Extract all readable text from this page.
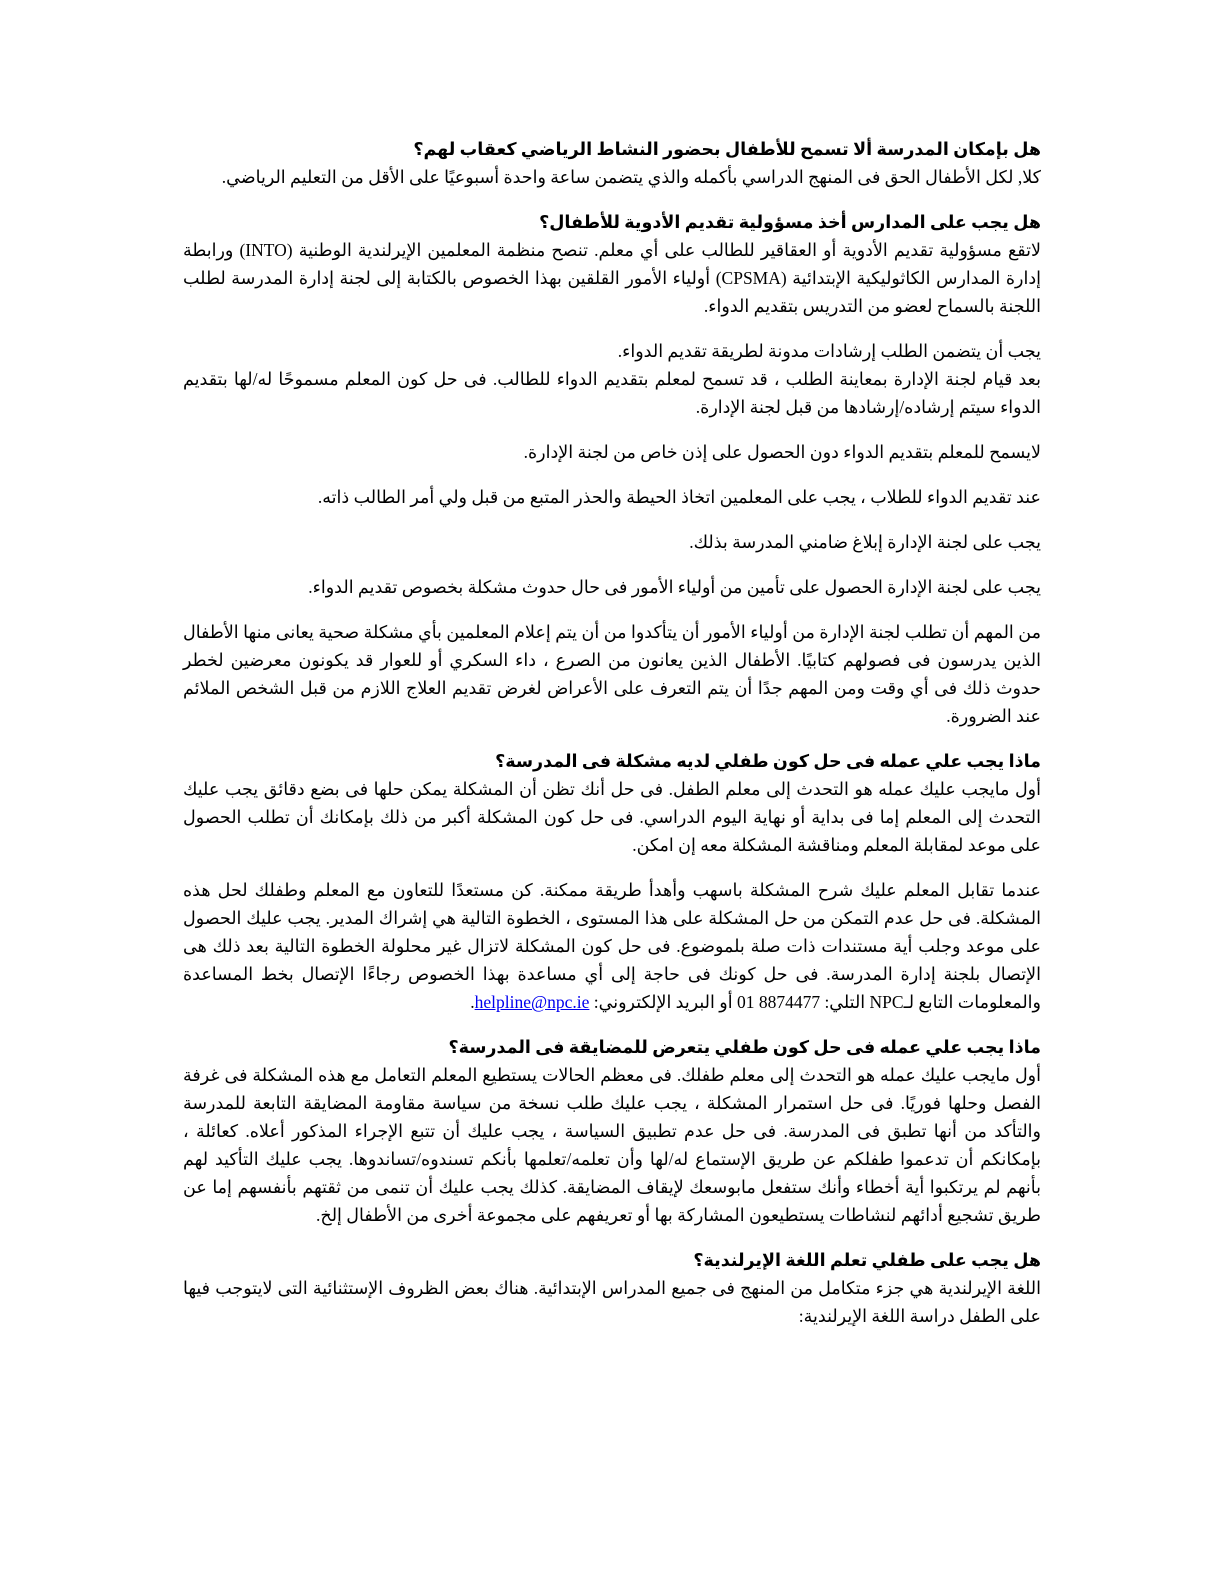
هل بإمكان المدرسة ألا تسمح للأطفال بحضور النشاط الرياضي كعقاب لهم؟
كلا, لكل الأطفال الحق فى المنهج الدراسي بأكمله والذي يتضمن ساعة واحدة أسبوعيًا على الأقل من التعليم الرياضي.
هل يجب على المدارس أخذ مسؤولية تقديم الأدوية للأطفال؟
لاتقع مسؤولية تقديم الأدوية أو العقاقير للطالب على أي معلم. تنصح منظمة المعلمين الإيرلندية الوطنية (INTO) ورابطة إدارة المدارس الكاثوليكية الإبتدائية (CPSMA) أولياء الأمور القلقين بهذا الخصوص بالكتابة إلى لجنة إدارة المدرسة لطلب اللجنة بالسماح لعضو من التدريس بتقديم الدواء.
يجب أن يتضمن الطلب إرشادات مدونة لطريقة تقديم الدواء.
بعد قيام لجنة الإدارة بمعاينة الطلب ، قد تسمح لمعلم بتقديم الدواء للطالب. فى حل كون المعلم مسموحًا له/لها بتقديم الدواء سيتم إرشاده/إرشادها من قبل لجنة الإدارة.
لايسمح للمعلم بتقديم الدواء دون الحصول على إذن خاص من لجنة الإدارة.
عند تقديم الدواء للطلاب ، يجب على المعلمين اتخاذ الحيطة والحذر المتبع من قبل ولي أمر الطالب ذاته.
يجب على لجنة الإدارة إبلاغ ضامني المدرسة بذلك.
يجب على لجنة الإدارة الحصول على تأمين من أولياء الأمور فى حال حدوث مشكلة بخصوص تقديم الدواء.
من المهم أن تطلب لجنة الإدارة من أولياء الأمور أن يتأكدوا من أن يتم إعلام المعلمين بأي مشكلة صحية يعانى منها الأطفال الذين يدرسون فى فصولهم كتابيًا. الأطفال الذين يعانون من الصرع ، داء السكري أو للعوار قد يكونون معرضين لخطر حدوث ذلك فى أي وقت ومن المهم جدًا أن يتم التعرف على الأعراض لغرض تقديم العلاج اللازم من قبل الشخص الملائم عند الضرورة.
ماذا يجب علي عمله فى حل كون طفلي لديه مشكلة فى المدرسة؟
أول مايجب عليك عمله هو التحدث إلى معلم الطفل. فى حل أنك تظن أن المشكلة يمكن حلها فى بضع دقائق يجب عليك التحدث إلى المعلم إما فى بداية أو نهاية اليوم الدراسي. فى حل كون المشكلة أكبر من ذلك بإمكانك أن تطلب الحصول على موعد لمقابلة المعلم ومناقشة المشكلة معه إن امكن.
عندما تقابل المعلم عليك شرح المشكلة باسهب وأهدأ طريقة ممكنة. كن مستعدًا للتعاون مع المعلم وطفلك لحل هذه المشكلة. فى حل عدم التمكن من حل المشكلة على هذا المستوى ، الخطوة التالية هي إشراك المدير. يجب عليك الحصول على موعد وجلب أية مستندات ذات صلة بلموضوع. فى حل كون المشكلة لاتزال غير محلولة الخطوة التالية بعد ذلك هى الإتصال بلجنة إدارة المدرسة. فى حل كونك فى حاجة إلى أي مساعدة بهذا الخصوص رجاءًا الإتصال بخط المساعدة والمعلومات التابع لـNPC التلي: 01 8874477 أو البريد الإلكتروني: helpline@npc.ie.
ماذا يجب علي عمله فى حل كون طفلي يتعرض للمضايقة فى المدرسة؟
أول مايجب عليك عمله هو التحدث إلى معلم طفلك. فى معظم الحالات يستطيع المعلم التعامل مع هذه المشكلة فى غرفة الفصل وحلها فوريًا. فى حل استمرار المشكلة ، يجب عليك طلب نسخة من سياسة مقاومة المضايقة التابعة للمدرسة والتأكد من أنها تطبق فى المدرسة. فى حل عدم تطبيق السياسة ، يجب عليك أن تتبع الإجراء المذكور أعلاه. كعائلة ، بإمكانكم أن تدعموا طفلكم عن طريق الإستماع له/لها وأن تعلمه/تعلمها بأنكم تسندوه/تساندوها. يجب عليك التأكيد لهم بأنهم لم يرتكبوا أية أخطاء وأنك ستفعل مابوسعك لإيقاف المضايقة. كذلك يجب عليك أن تنمى من ثقتهم بأنفسهم إما عن طريق تشجيع أدائهم لنشاطات يستطيعون المشاركة بها أو تعريفهم على مجموعة أخرى من الأطفال إلخ.
هل يجب على طفلي تعلم اللغة الإيرلندية؟
اللغة الإيرلندية هي جزء متكامل من المنهج فى جميع المدراس الإبتدائية. هناك بعض الظروف الإستثنائية التى لايتوجب فيها على الطفل دراسة اللغة الإيرلندية:
